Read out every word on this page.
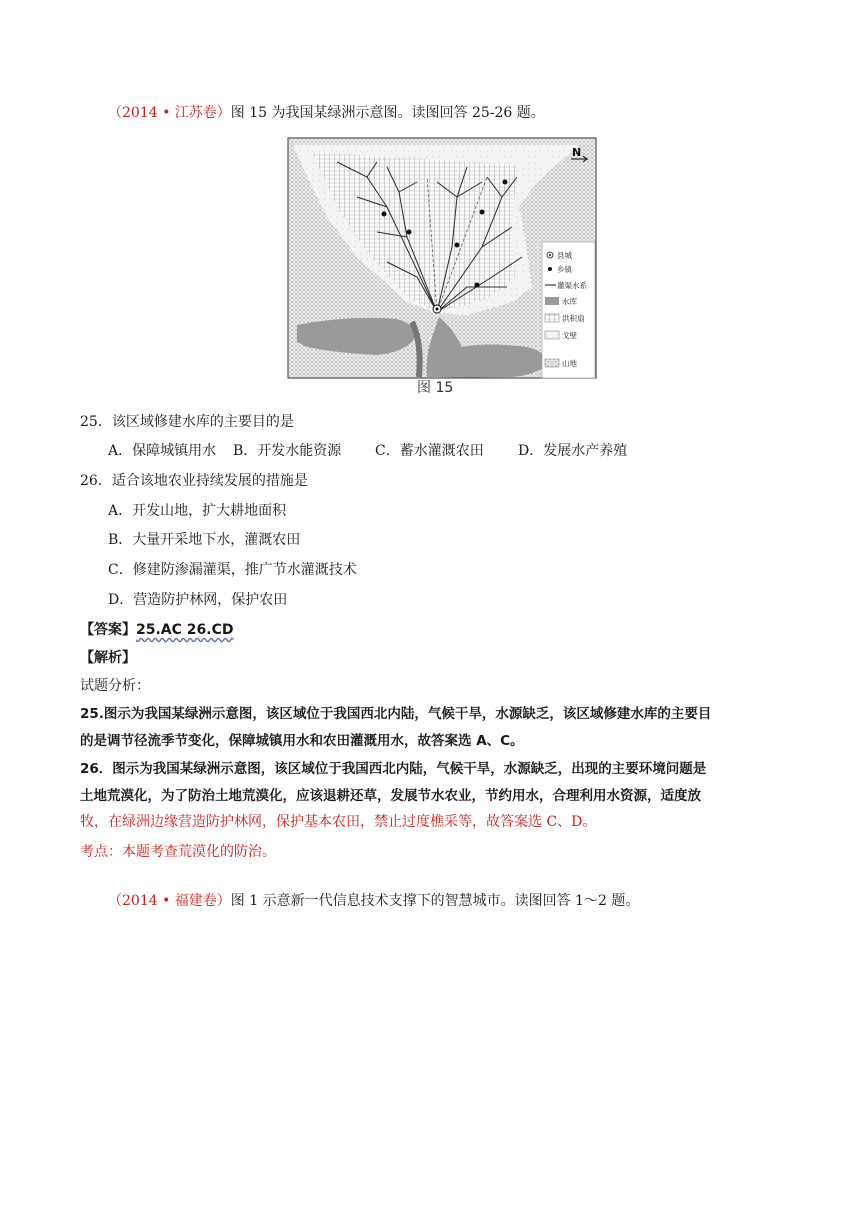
（2014 • 江苏卷）图 15 为我国某绿洲示意图。读图回答 25-26 题。
N
县城
乡镇
灌渠水系
水库
洪积扇
戈壁
山地
图 15
25．该区域修建水库的主要目的是
A．保障城镇用水 B．开发水能资源 C．蓄水灌溉农田 D．发展水产养殖
26．适合该地农业持续发展的措施是
A．开发山地，扩大耕地面积
B．大量开采地下水，灌溉农田
C．修建防渗漏灌渠，推广节水灌溉技术
D．营造防护林网，保护农田
【答案】25.AC 26.CD
【解析】
试题分析：
25.图示为我国某绿洲示意图，该区域位于我国西北内陆，气候干旱，水源缺乏，该区域修建水库的主要目
的是调节径流季节变化，保障城镇用水和农田灌溉用水，故答案选 A、C。
26．图示为我国某绿洲示意图，该区域位于我国西北内陆，气候干旱，水源缺乏，出现的主要环境问题是
土地荒漠化，为了防治土地荒漠化，应该退耕还草，发展节水农业，节约用水，合理利用水资源，适度放
牧，在绿洲边缘营造防护林网，保护基本农田，禁止过度樵采等，故答案选 C、D。
考点：本题考查荒漠化的防治。
（2014 • 福建卷）图 1 示意新一代信息技术支撑下的智慧城市。读图回答 1～2 题。
